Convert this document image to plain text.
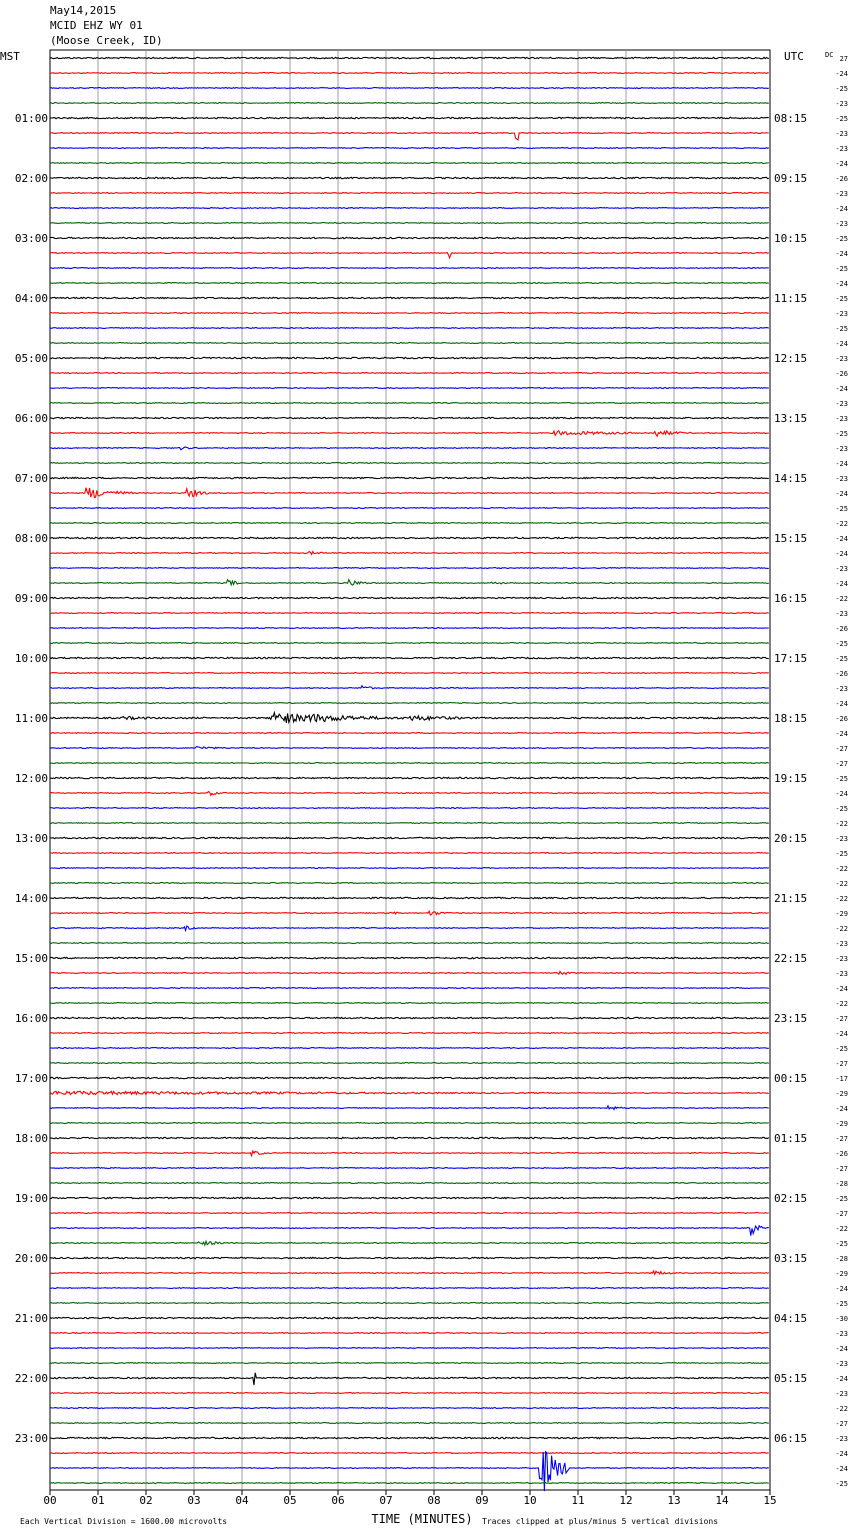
May14,2015
MCID EHZ WY 01
(Moose Creek, ID)
27
-24
-25
-23
-25
-23
-23
-24
-26
-23
-24
-23
-25
-24
-25
-24
-25
-23
-25
-24
-23
-26
-24
-23
-23
-25
-23
-24
-23
-24
-25
-22
-24
-24
-23
-24
-22
-23
-26
-25
-25
-26
-23
-24
-26
-24
-27
-27
-25
-24
-25
-22
-23
-25
-22
-22
-22
-29
-22
-23
-23
-23
-24
-22
-27
-24
-25
-27
-17
-29
-24
-29
-27
-26
-27
-28
-25
-27
-22
-25
-28
-29
-24
-25
-30
-23
-24
-23
-24
-23
-22
-27
-23
-24
-24
-25
01:00	08:15
02:00	09:15
03:00	10:15
04:00	11:15
05:00	12:15
06:00	13:15
07:00	14:15
08:00	15:15
09:00	16:15
10:00	17:15
11:00	18:15
12:00	19:15
13:00	20:15
14:00	21:15
15:00	22:15
16:00	23:15
17:00	00:15
18:00	01:15
19:00	02:15
20:00	03:15
21:00	04:15
22:00	05:15
23:00	06:15
MST	UTC	DC
00	01	02	03	04	05	06	07	08	09	10	11	12	13	14	15
TIME (MINUTES)
Each Vertical Division = 1600.00 microvolts	Traces clipped at plus/minus 5 vertical divisions
